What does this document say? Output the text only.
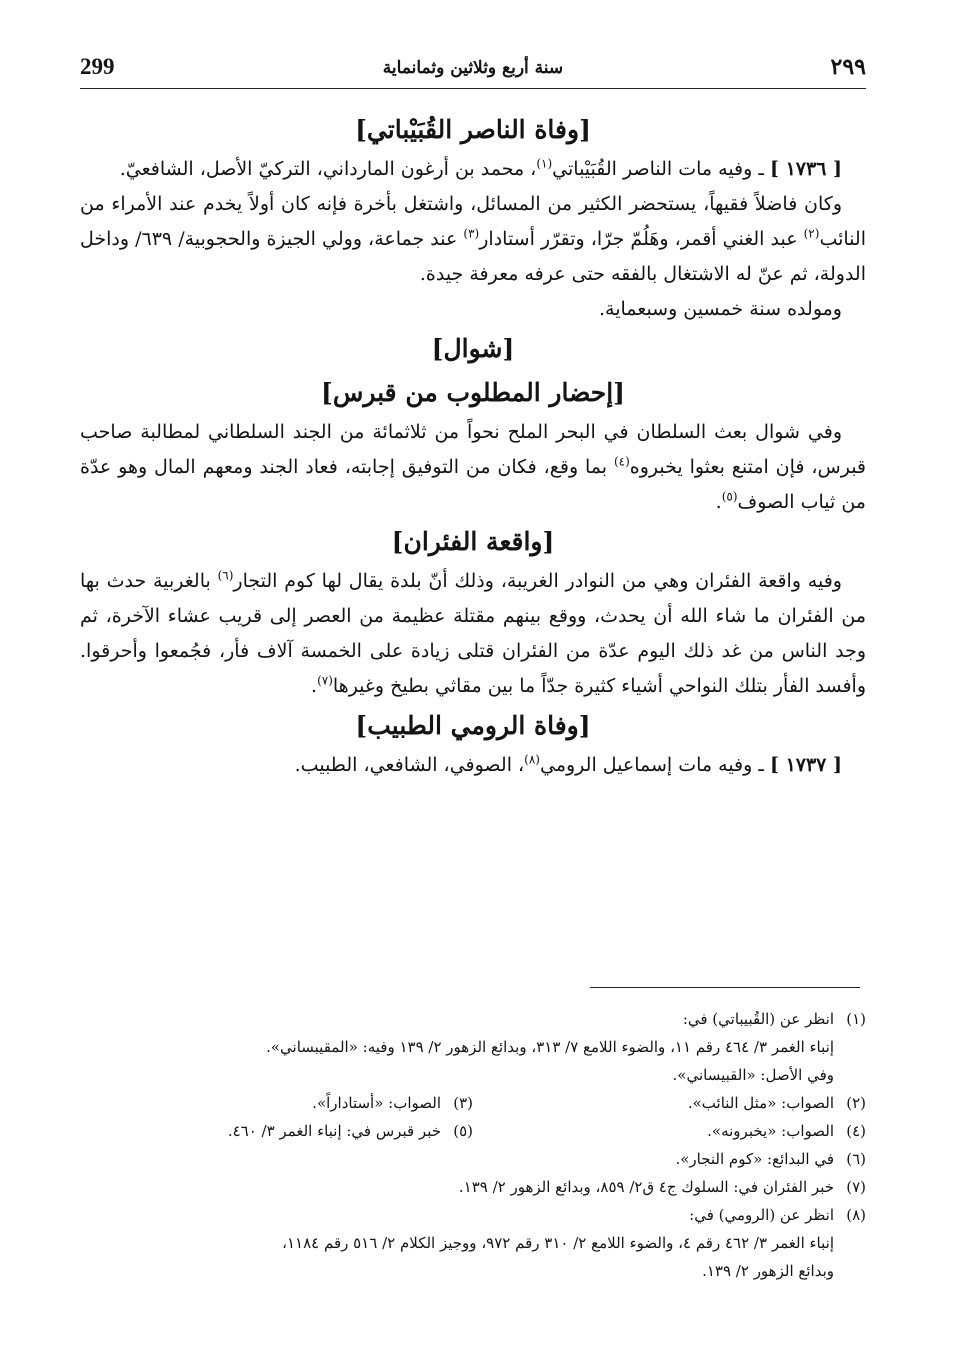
٢٩٩
سنة أربع وثلاثين وثمانماية
299
[وفاة الناصر القُبَيْباتي]

[ ١٧٣٦ ] ـ وفيه مات الناصر القُبَيْباتي$^{(١)}$، محمد بن أرغون المارداني، التركيّ الأصل، الشافعيّ.

وكان فاضلاً فقيهاً، يستحضر الكثير من المسائل، واشتغل بأخرة فإنه كان أولاً يخدم عند الأمراء من النائب$^{(٢)}$ عبد الغني أقمر، وهَلُمّ جرّا، وتقرّر أستادار$^{(٣)}$ عند جماعة، وولي الجيزة والحجوبية/ ٦٣٩/ وداخل الدولة، ثم عنّ له الاشتغال بالفقه حتى عرفه معرفة جيدة.

ومولده سنة خمسين وسبعماية.

[شوال]
[إحضار المطلوب من قبرس]

وفي شوال بعث السلطان في البحر الملح نحواً من ثلاثمائة من الجند السلطاني لمطالبة صاحب قبرس، فإن امتنع بعثوا يخبروه$^{(٤)}$ بما وقع، فكان من التوفيق إجابته، فعاد الجند ومعهم المال وهو عدّة من ثياب الصوف$^{(٥)}$.

[واقعة الفئران]

وفيه واقعة الفئران وهي من النوادر الغريبة، وذلك أنّ بلدة يقال لها كوم التجار$^{(٦)}$ بالغربية حدث بها من الفئران ما شاء الله أن يحدث، ووقع بينهم مقتلة عظيمة من العصر إلى قريب عشاء الآخرة، ثم وجد الناس من غد ذلك اليوم عدّة من الفئران قتلى زيادة على الخمسة آلاف فأر، فجُمعوا وأحرقوا. وأفسد الفأر بتلك النواحي أشياء كثيرة جدّاً ما بين مقاثي بطيخ وغيرها$^{(٧)}$.

[وفاة الرومي الطبيب]

[ ١٧٣٧ ] ـ وفيه مات إسماعيل الرومي$^{(٨)}$، الصوفي، الشافعي، الطبيب.

(١)
انظر عن (القُبيباتي) في:
إنباء الغمر ٣/ ٤٦٤ رقم ١١، والضوء اللامع ٧/ ٣١٣، وبدائع الزهور ٢/ ١٣٩ وفيه: «المقيبساني».
وفي الأصل: «القبيساني».
(٢)
الصواب: «مثل النائب».
(٣)
الصواب: «أستاداراً».
(٤)
الصواب: «يخبرونه».
(٥)
خبر قبرس في: إنباء الغمر ٣/ ٤٦٠.
(٦)
في البدائع: «كوم النجار».
(٧)
خبر الفئران في: السلوك ج٤ ق٢/ ٨٥٩، وبدائع الزهور ٢/ ١٣٩.
(٨)
انظر عن (الرومي) في:
إنباء الغمر ٣/ ٤٦٢ رقم ٤، والضوء اللامع ٢/ ٣١٠ رقم ٩٧٢، ووجيز الكلام ٢/ ٥١٦ رقم ١١٨٤،
وبدائع الزهور ٢/ ١٣٩.
